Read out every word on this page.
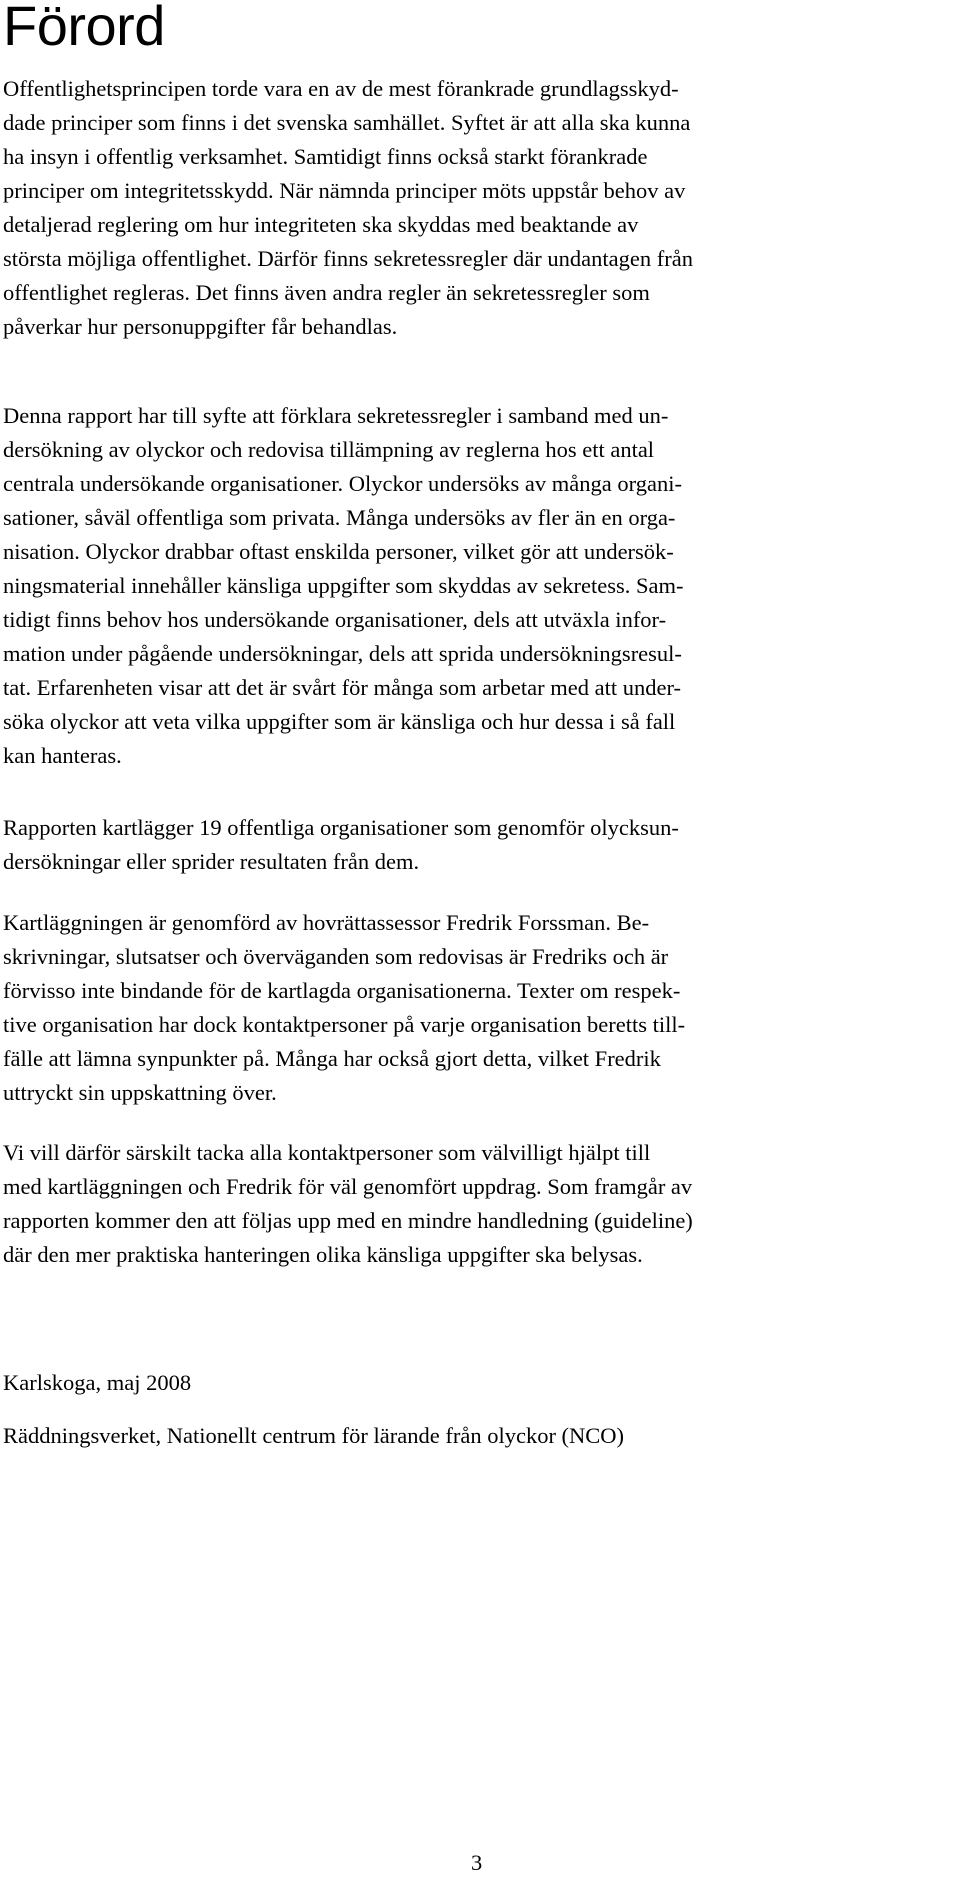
Förord
Offentlighetsprincipen torde vara en av de mest förankrade grundlagsskyd-
dade principer som finns i det svenska samhället. Syftet är att alla ska kunna
ha insyn i offentlig verksamhet. Samtidigt finns också starkt förankrade
principer om integritetsskydd. När nämnda principer möts uppstår behov av
detaljerad reglering om hur integriteten ska skyddas med beaktande av
största möjliga offentlighet. Därför finns sekretessregler där undantagen från
offentlighet regleras. Det finns även andra regler än sekretessregler som
påverkar hur personuppgifter får behandlas.
Denna rapport har till syfte att förklara sekretessregler i samband med un-
dersökning av olyckor och redovisa tillämpning av reglerna hos ett antal
centrala undersökande organisationer. Olyckor undersöks av många organi-
sationer, såväl offentliga som privata. Många undersöks av fler än en orga-
nisation. Olyckor drabbar oftast enskilda personer, vilket gör att undersök-
ningsmaterial innehåller känsliga uppgifter som skyddas av sekretess. Sam-
tidigt finns behov hos undersökande organisationer, dels att utväxla infor-
mation under pågående undersökningar, dels att sprida undersökningsresul-
tat. Erfarenheten visar att det är svårt för många som arbetar med att under-
söka olyckor att veta vilka uppgifter som är känsliga och hur dessa i så fall
kan hanteras.
Rapporten kartlägger 19 offentliga organisationer som genomför olycksun-
dersökningar eller sprider resultaten från dem.
Kartläggningen är genomförd av hovrättassessor Fredrik Forssman. Be-
skrivningar, slutsatser och överväganden som redovisas är Fredriks och är
förvisso inte bindande för de kartlagda organisationerna. Texter om respek-
tive organisation har dock kontaktpersoner på varje organisation beretts till-
fälle att lämna synpunkter på. Många har också gjort detta, vilket Fredrik
uttryckt sin uppskattning över.
Vi vill därför särskilt tacka alla kontaktpersoner som välvilligt hjälpt till
med kartläggningen och Fredrik för väl genomfört uppdrag. Som framgår av
rapporten kommer den att följas upp med en mindre handledning (guideline)
där den mer praktiska hanteringen olika känsliga uppgifter ska belysas.
Karlskoga, maj 2008
Räddningsverket, Nationellt centrum för lärande från olyckor (NCO)
3
